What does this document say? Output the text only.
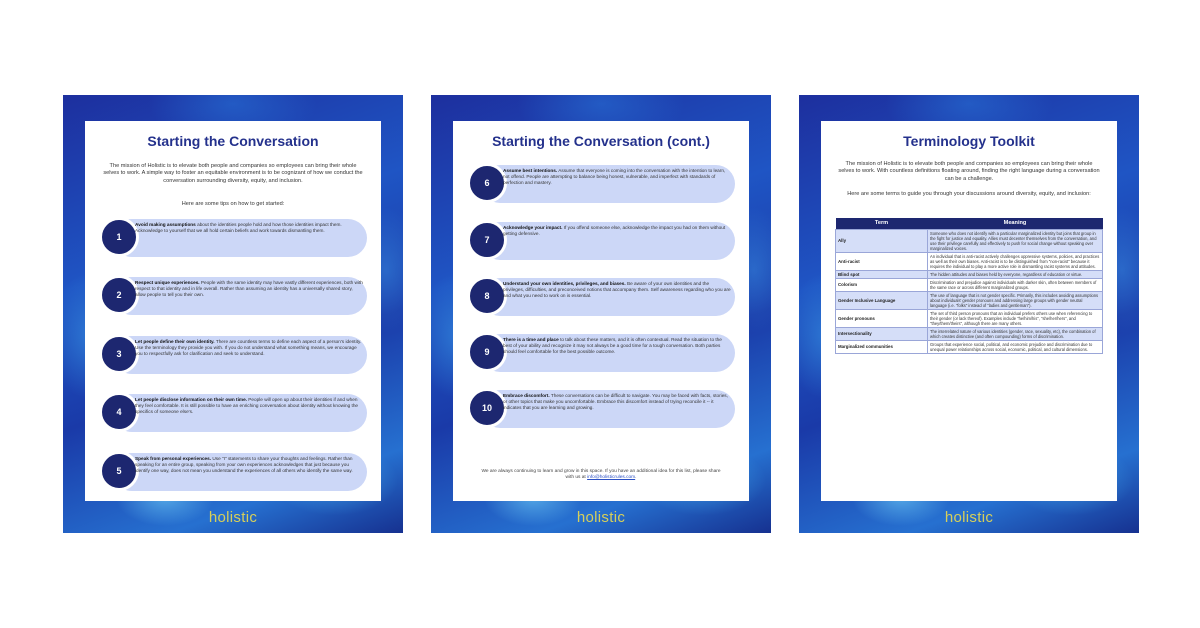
Starting the Conversation
The mission of Holistic is to elevate both people and companies so employees can bring their whole selves to work. A simple way to foster an equitable environment is to be cognizant of how we conduct the conversation surrounding diversity, equity, and inclusion.
Here are some tips on how to get started:
1
Avoid making assumptions about the identities people hold and how those identities impact them. Acknowledge to yourself that we all hold certain beliefs and work towards dismantling them.
2
Respect unique experiences. People with the same identity may have vastly different experiences, both with respect to that identity and in life overall. Rather than assuming an identity has a universally shared story, allow people to tell you their own.
3
Let people define their own identity. There are countless terms to define each aspect of a person's identity. Use the terminology they provide you with. If you do not understand what something means, we encourage you to respectfully ask for clarification and seek to understand.
4
Let people disclose information on their own time. People will open up about their identities if and when they feel comfortable. It is still possible to have an enriching conversation about identity without knowing the specifics of someone else's.
5
Speak from personal experiences. Use "I" statements to share your thoughts and feelings. Rather than speaking for an entire group, speaking from your own experiences acknowledges that just because you identify one way, does not mean you understand the experiences of all others who identify the same way.
holistic
Starting the Conversation (cont.)
6
Assume best intentions. Assume that everyone is coming into the conversation with the intention to learn, not offend. People are attempting to balance being honest, vulnerable, and imperfect with standards of perfection and mastery.
7
Acknowledge your impact. If you offend someone else, acknowledge the impact you had on them without getting defensive.
8
Understand your own identities, privileges, and biases. Be aware of your own identities and the privileges, difficulties, and preconceived notions that accompany them. Self awareness regarding who you are and what you need to work on is essential.
9
There is a time and place to talk about these matters, and it is often contextual. Read the situation to the best of your ability and recognize it may not always be a good time for a tough conversation. Both parties should feel comfortable for the best possible outcome.
10
Embrace discomfort. These conversations can be difficult to navigate. You may be faced with facts, stories, or other topics that make you uncomfortable. Embrace this discomfort instead of trying reconcile it -- it indicates that you are learning and growing.
We are always continuing to learn and grow in this space. If you have an additional idea for this list, please share with us at info@holisticrules.com.
holistic
Terminology Toolkit
The mission of Holistic is to elevate both people and companies so employees can bring their whole selves to work. With countless definitions floating around, finding the right language during a conversation can be a challenge.
Here are some terms to guide you through your discussions around diversity, equity, and inclusion:
Term	Meaning
Ally	Someone who does not identify with a particular marginalized identity but joins that group in the fight for justice and equality. Allies must decenter themselves from the conversation, and use their privilege carefully and effectively to push for social change without speaking over marginalized voices.
Anti-racist	An individual that is anti-racist actively challenges oppressive systems, policies, and practices as well as their own biases. Anti-racist is to be distinguished from "non-racist" because it requires the individual to play a more active role in dismantling racist systems and attitudes.
Blind spot	The hidden attitudes and biases held by everyone, regardless of education or virtue.
Colorism	Discrimination and prejudice against individuals with darker skin, often between members of the same race or across different marginalized groups.
Gender Inclusive Language	The use of language that is not gender specific. Primarily, this includes avoiding assumptions about individuals' gender pronouns and addressing large groups with gender neutral language (i.e. "folks" instead of "ladies and gentleman").
Gender pronouns	The set of third person pronouns that an individual prefers others use when referencing to their gender (or lack thereof). Examples include "he/him/his", "she/her/hers", and "they/them/theirs", although there are many others.
Intersectionality	The interrelated nature of various identities (gender, race, sexuality, etc), the combination of which creates distinctive (and often compounding) forms of discrimination.
Marginalized communities	Groups that experience social, political, and economic prejudice and discrimination due to unequal power relationships across social, economic, political, and cultural dimensions.
holistic
